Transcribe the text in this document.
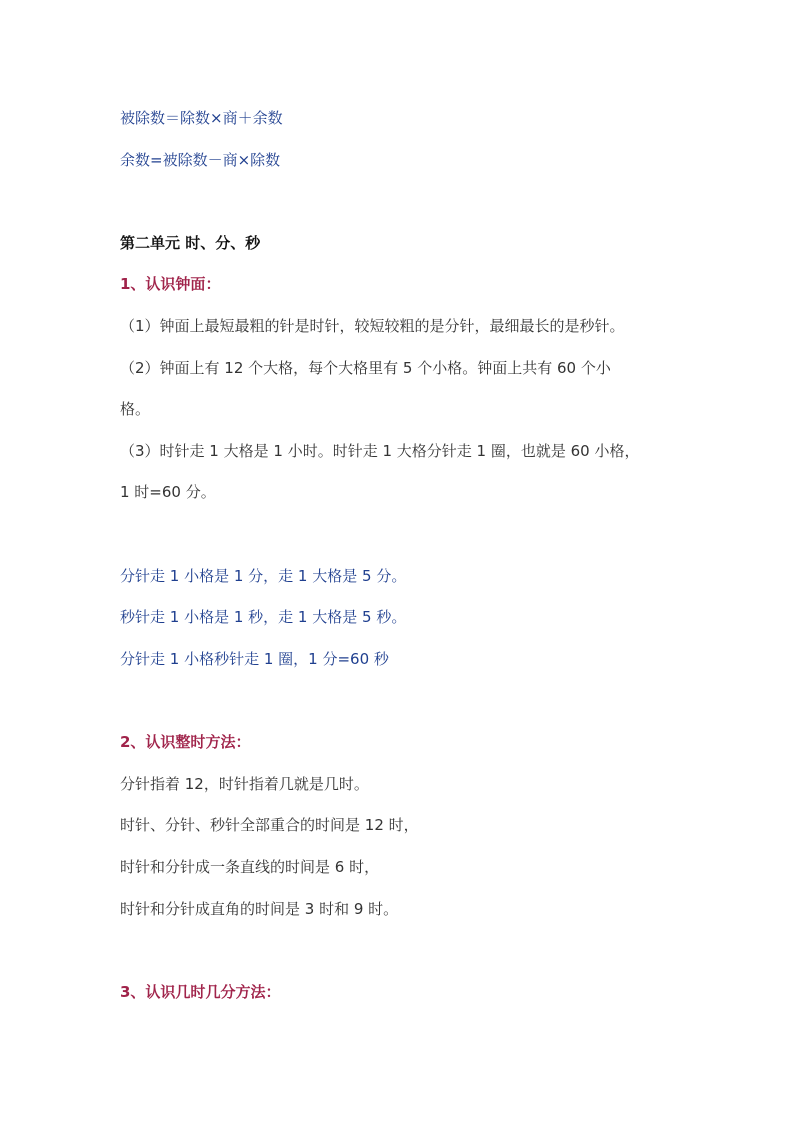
被除数＝除数×商＋余数
余数=被除数－商×除数
第二单元 时、分、秒
1、认识钟面：
（1）钟面上最短最粗的针是时针，较短较粗的是分针，最细最长的是秒针。
（2）钟面上有 12 个大格，每个大格里有 5 个小格。钟面上共有 60 个小
格。
（3）时针走 1 大格是 1 小时。时针走 1 大格分针走 1 圈，也就是 60 小格，
1 时=60 分。
分针走 1 小格是 1 分，走 1 大格是 5 分。
秒针走 1 小格是 1 秒，走 1 大格是 5 秒。
分针走 1 小格秒针走 1 圈，1 分=60 秒
2、认识整时方法：
分针指着 12，时针指着几就是几时。
时针、分针、秒针全部重合的时间是 12 时，
时针和分针成一条直线的时间是 6 时，
时针和分针成直角的时间是 3 时和 9 时。
3、认识几时几分方法：
